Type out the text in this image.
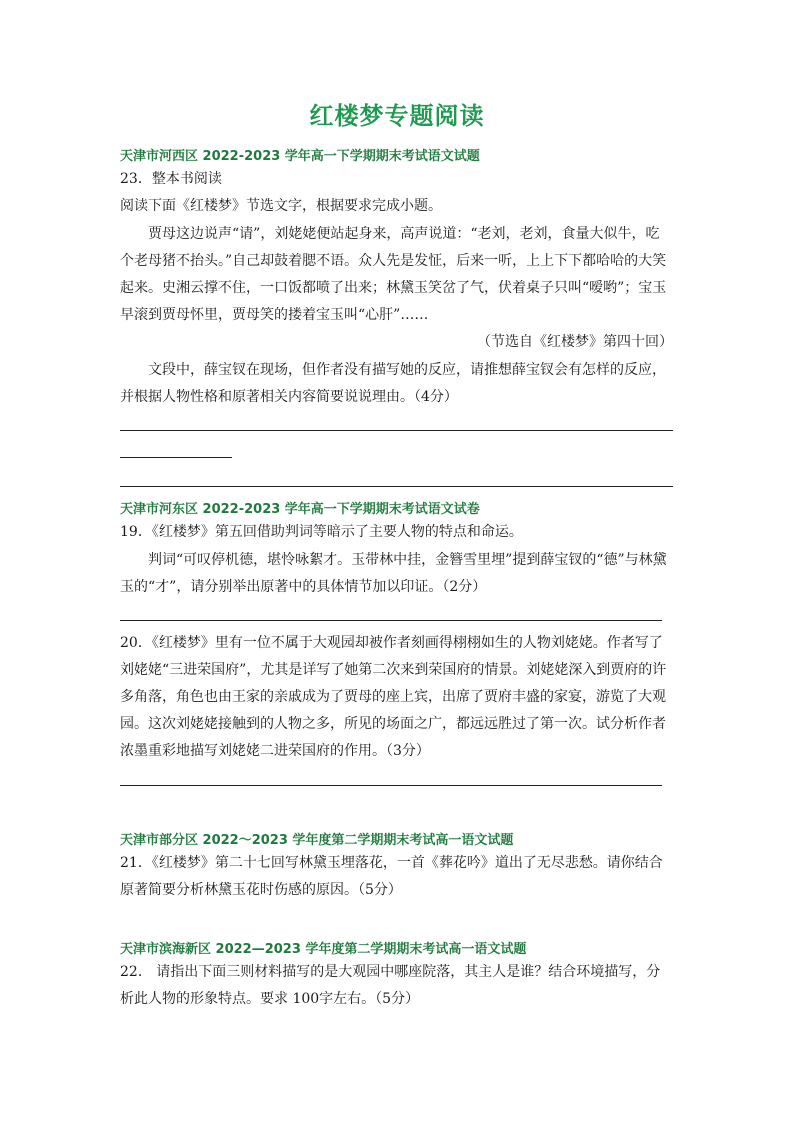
红楼梦专题阅读
天津市河西区 2022-2023 学年高一下学期期末考试语文试题
23．整本书阅读
阅读下面《红楼梦》节选文字，根据要求完成小题。
贾母这边说声“请”，刘姥姥便站起身来，高声说道：“老刘，老刘，食量大似牛，吃个老母猪不抬头。”自己却鼓着腮不语。众人先是发怔，后来一听，上上下下都哈哈的大笑起来。史湘云撑不住，一口饭都喷了出来；林黛玉笑岔了气，伏着桌子只叫“嗳哟”；宝玉早滚到贾母怀里，贾母笑的搂着宝玉叫“心肝”……
（节选自《红楼梦》第四十回）
文段中，薛宝钗在现场，但作者没有描写她的反应，请推想薛宝钗会有怎样的反应，并根据人物性格和原著相关内容简要说说理由。（4分）
天津市河东区 2022-2023 学年高一下学期期末考试语文试卷
19．《红楼梦》第五回借助判词等暗示了主要人物的特点和命运。
判词“可叹停机德，堪怜咏絮才。玉带林中挂，金簪雪里埋”提到薛宝钗的“德”与林黛玉的“才”，请分别举出原著中的具体情节加以印证。（2分）
20．《红楼梦》里有一位不属于大观园却被作者刻画得栩栩如生的人物刘姥姥。作者写了刘姥姥“三进荣国府”，尤其是详写了她第二次来到荣国府的情景。刘姥姥深入到贾府的许多角落，角色也由王家的亲戚成为了贾母的座上宾，出席了贾府丰盛的家宴，游览了大观园。这次刘姥姥接触到的人物之多，所见的场面之广，都远远胜过了第一次。试分析作者浓墨重彩地描写刘姥姥二进荣国府的作用。（3分）
天津市部分区 2022～2023 学年度第二学期期末考试高一语文试题
21．《红楼梦》第二十七回写林黛玉埋落花，一首《葬花吟》道出了无尽悲愁。请你结合原著简要分析林黛玉花时伤感的原因。（5分）
天津市滨海新区 2022—2023 学年度第二学期期末考试高一语文试题
22． 请指出下面三则材料描写的是大观园中哪座院落，其主人是谁？结合环境描写，分析此人物的形象特点。要求 100字左右。（5分）
